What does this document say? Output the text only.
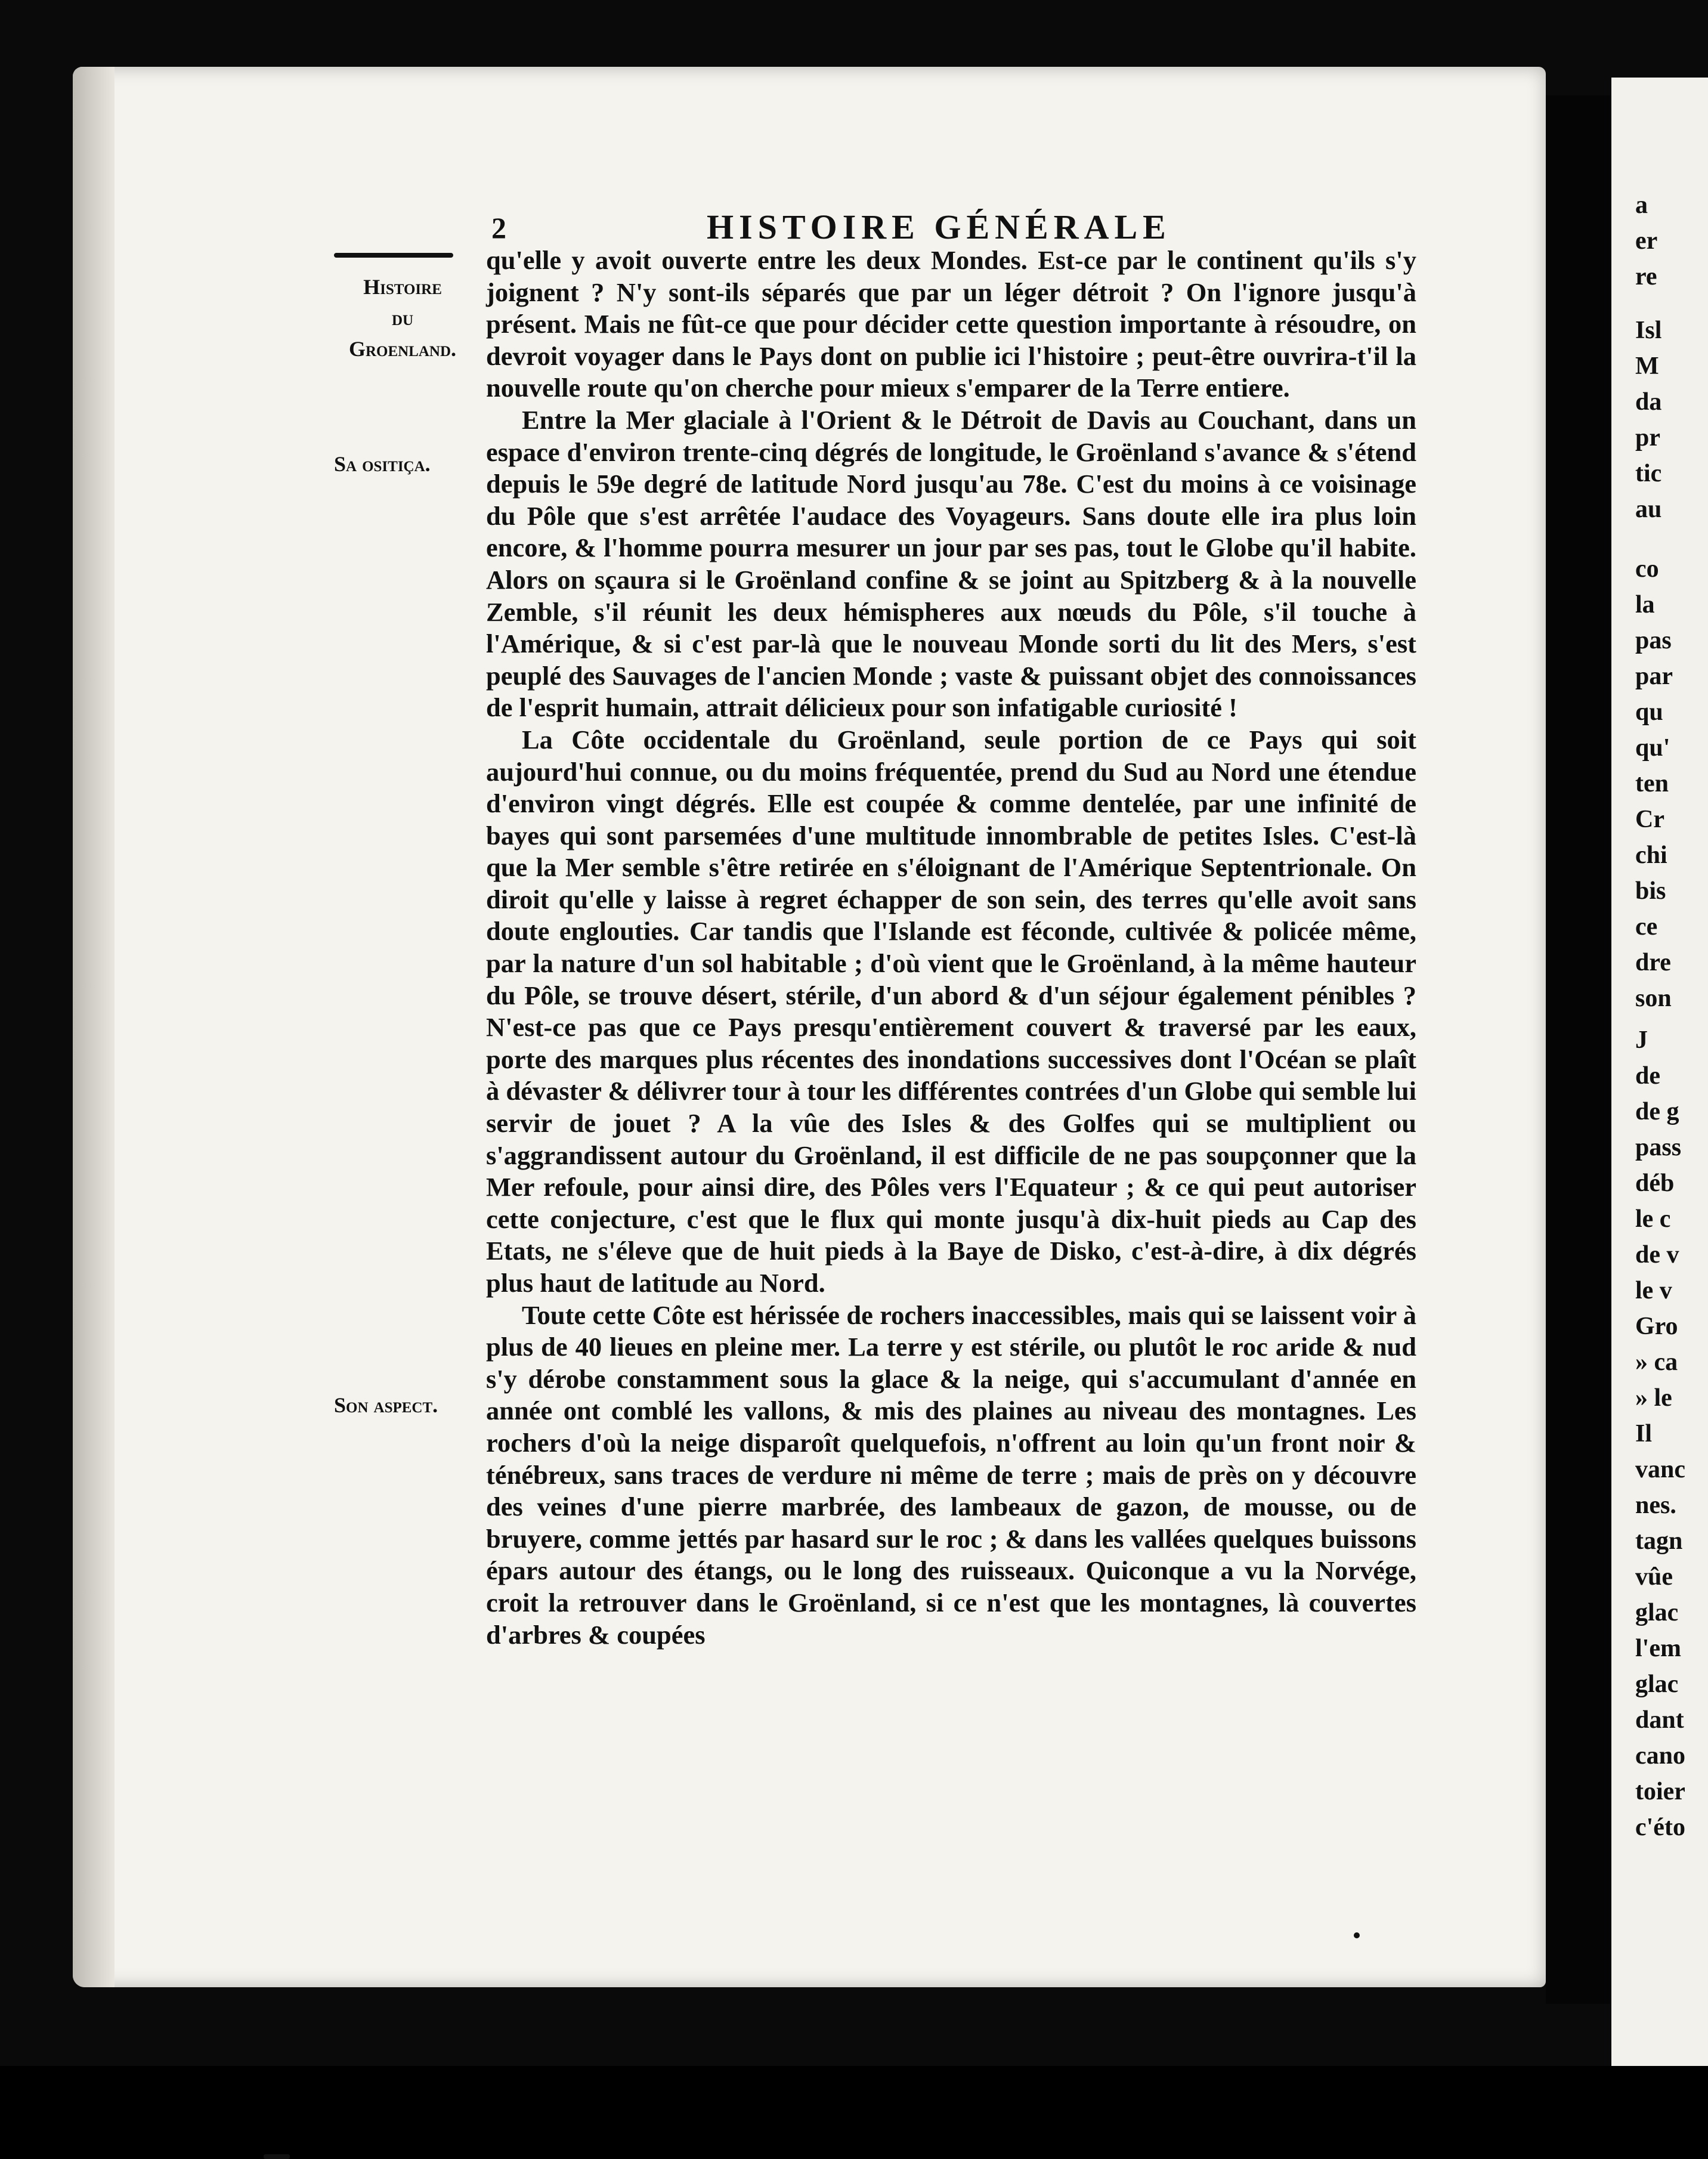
a
er
re
Isl
M
da
pr
tic
au
co
la
pas
par
qu
qu'
ten
Cr
chi
bis
ce
dre
son
J
de
de g
pass
déb
le c
de v
le v
Gro
» ca
» le
Il
vanc
nes.
tagn
vûe
glac
l'em
glac
dant
cano
toier
c'éto
2	HISTOIRE GÉNÉRALE
Histoire
du
Groenland.
Sa ositiça.
Son aspect.

qu'elle y avoit ouverte entre les deux Mondes. Est-ce par le continent qu'ils s'y joignent ? N'y sont-ils séparés que par un léger détroit ? On l'ignore jusqu'à présent. Mais ne fût-ce que pour décider cette question importante à résoudre, on devroit voyager dans le Pays dont on publie ici l'histoire ; peut-être ouvrira-t'il la nouvelle route qu'on cherche pour mieux s'emparer de la Terre entiere.

Entre la Mer glaciale à l'Orient & le Détroit de Davis au Couchant, dans un espace d'environ trente-cinq dégrés de longitude, le Groënland s'avance & s'étend depuis le 59e degré de latitude Nord jusqu'au 78e. C'est du moins à ce voisinage du Pôle que s'est arrêtée l'audace des Voyageurs. Sans doute elle ira plus loin encore, & l'homme pourra mesurer un jour par ses pas, tout le Globe qu'il habite. Alors on sçaura si le Groënland confine & se joint au Spitzberg & à la nouvelle Zemble, s'il réunit les deux hémispheres aux nœuds du Pôle, s'il touche à l'Amérique, & si c'est par-là que le nouveau Monde sorti du lit des Mers, s'est peuplé des Sauvages de l'ancien Monde ; vaste & puissant objet des connoissances de l'esprit humain, attrait délicieux pour son infatigable curiosité !

La Côte occidentale du Groënland, seule portion de ce Pays qui soit aujourd'hui connue, ou du moins fréquentée, prend du Sud au Nord une étendue d'environ vingt dégrés. Elle est coupée & comme dentelée, par une infinité de bayes qui sont parsemées d'une multitude innombrable de petites Isles. C'est-là que la Mer semble s'être retirée en s'éloignant de l'Amérique Septentrionale. On diroit qu'elle y laisse à regret échapper de son sein, des terres qu'elle avoit sans doute englouties. Car tandis que l'Islande est féconde, cultivée & policée même, par la nature d'un sol habitable ; d'où vient que le Groënland, à la même hauteur du Pôle, se trouve désert, stérile, d'un abord & d'un séjour également pénibles ? N'est-ce pas que ce Pays presqu'entièrement couvert & traversé par les eaux, porte des marques plus récentes des inondations successives dont l'Océan se plaît à dévaster & délivrer tour à tour les différentes contrées d'un Globe qui semble lui servir de jouet ? A la vûe des Isles & des Golfes qui se multiplient ou s'aggrandissent autour du Groënland, il est difficile de ne pas soupçonner que la Mer refoule, pour ainsi dire, des Pôles vers l'Equateur ; & ce qui peut autoriser cette conjecture, c'est que le flux qui monte jusqu'à dix-huit pieds au Cap des Etats, ne s'éleve que de huit pieds à la Baye de Disko, c'est-à-dire, à dix dégrés plus haut de latitude au Nord.

Toute cette Côte est hérissée de rochers inaccessibles, mais qui se laissent voir à plus de 40 lieues en pleine mer. La terre y est stérile, ou plutôt le roc aride & nud s'y dérobe constamment sous la glace & la neige, qui s'accumulant d'année en année ont comblé les vallons, & mis des plaines au niveau des montagnes. Les rochers d'où la neige disparoît quelquefois, n'offrent au loin qu'un front noir & ténébreux, sans traces de verdure ni même de terre ; mais de près on y découvre des veines d'une pierre marbrée, des lambeaux de gazon, de mousse, ou de bruyere, comme jettés par hasard sur le roc ; & dans les vallées quelques buissons épars autour des étangs, ou le long des ruisseaux. Quiconque a vu la Norvége, croit la retrouver dans le Groënland, si ce n'est que les montagnes, là couvertes d'arbres & coupées
